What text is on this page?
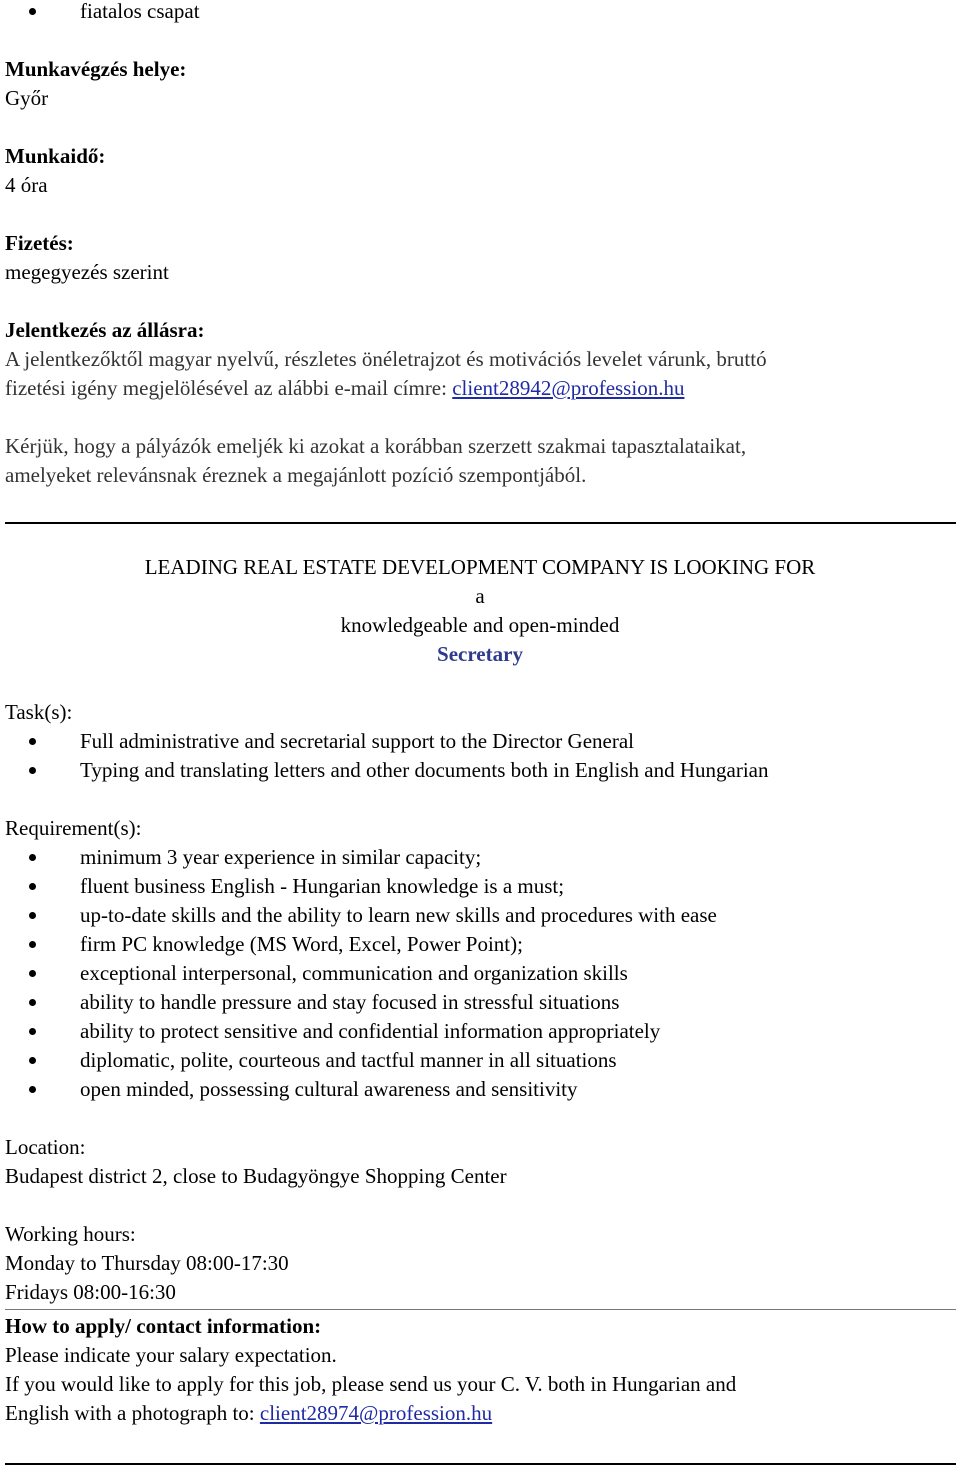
fiatalos csapat
Munkavégzés helye:
Győr
Munkaidő:
4 óra
Fizetés:
megegyezés szerint
Jelentkezés az állásra:
A jelentkezőktől magyar nyelvű, részletes önéletrajzot és motivációs levelet várunk, bruttó
fizetési igény megjelölésével az alábbi e-mail címre: client28942@profession.hu
Kérjük, hogy a pályázók emeljék ki azokat a korábban szerzett szakmai tapasztalataikat,
amelyeket relevánsnak éreznek a megajánlott pozíció szempontjából.
LEADING REAL ESTATE DEVELOPMENT COMPANY IS LOOKING FOR
a
knowledgeable and open-minded
Secretary
Task(s):
Full administrative and secretarial support to the Director General
Typing and translating letters and other documents both in English and Hungarian
Requirement(s):
minimum 3 year experience in similar capacity;
fluent business English - Hungarian knowledge is a must;
up-to-date skills and the ability to learn new skills and procedures with ease
firm PC knowledge (MS Word, Excel, Power Point);
exceptional interpersonal, communication and organization skills
ability to handle pressure and stay focused in stressful situations
ability to protect sensitive and confidential information appropriately
diplomatic, polite, courteous and tactful manner in all situations
open minded, possessing cultural awareness and sensitivity
Location:
Budapest district 2, close to Budagyöngye Shopping Center
Working hours:
Monday to Thursday 08:00-17:30
Fridays 08:00-16:30
How to apply/ contact information:
Please indicate your salary expectation.
If you would like to apply for this job, please send us your C. V. both in Hungarian and
English with a photograph to: client28974@profession.hu
